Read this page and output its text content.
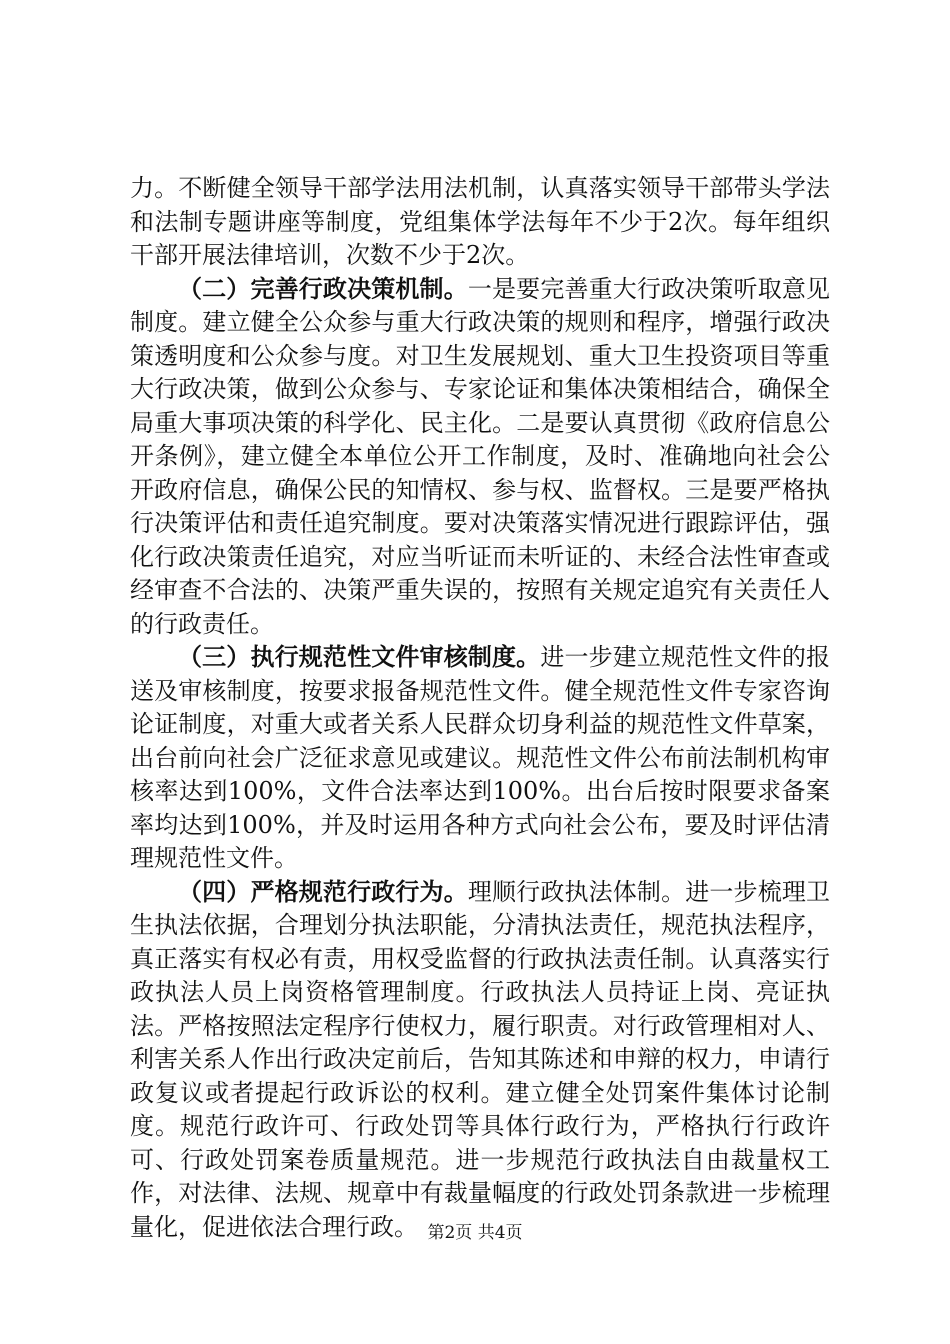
力。不断健全领导干部学法用法机制，认真落实领导干部带头学法和法制专题讲座等制度，党组集体学法每年不少于2次。每年组织干部开展法律培训，次数不少于2次。

（二）完善行政决策机制。一是要完善重大行政决策听取意见制度。建立健全公众参与重大行政决策的规则和程序，增强行政决策透明度和公众参与度。对卫生发展规划、重大卫生投资项目等重大行政决策，做到公众参与、专家论证和集体决策相结合，确保全局重大事项决策的科学化、民主化。二是要认真贯彻《政府信息公开条例》，建立健全本单位公开工作制度，及时、准确地向社会公开政府信息，确保公民的知情权、参与权、监督权。三是要严格执行决策评估和责任追究制度。要对决策落实情况进行跟踪评估，强化行政决策责任追究，对应当听证而未听证的、未经合法性审查或经审查不合法的、决策严重失误的，按照有关规定追究有关责任人的行政责任。

（三）执行规范性文件审核制度。进一步建立规范性文件的报送及审核制度，按要求报备规范性文件。健全规范性文件专家咨询论证制度，对重大或者关系人民群众切身利益的规范性文件草案，出台前向社会广泛征求意见或建议。规范性文件公布前法制机构审核率达到100%，文件合法率达到100%。出台后按时限要求备案率均达到100%，并及时运用各种方式向社会公布，要及时评估清理规范性文件。

（四）严格规范行政行为。理顺行政执法体制。进一步梳理卫生执法依据，合理划分执法职能，分清执法责任，规范执法程序，真正落实有权必有责，用权受监督的行政执法责任制。认真落实行政执法人员上岗资格管理制度。行政执法人员持证上岗、亮证执法。严格按照法定程序行使权力，履行职责。对行政管理相对人、利害关系人作出行政决定前后，告知其陈述和申辩的权力，申请行政复议或者提起行政诉讼的权利。建立健全处罚案件集体讨论制度。规范行政许可、行政处罚等具体行政行为，严格执行行政许可、行政处罚案卷质量规范。进一步规范行政执法自由裁量权工作，对法律、法规、规章中有裁量幅度的行政处罚条款进一步梳理量化，促进依法合理行政。 第2页 共4页
